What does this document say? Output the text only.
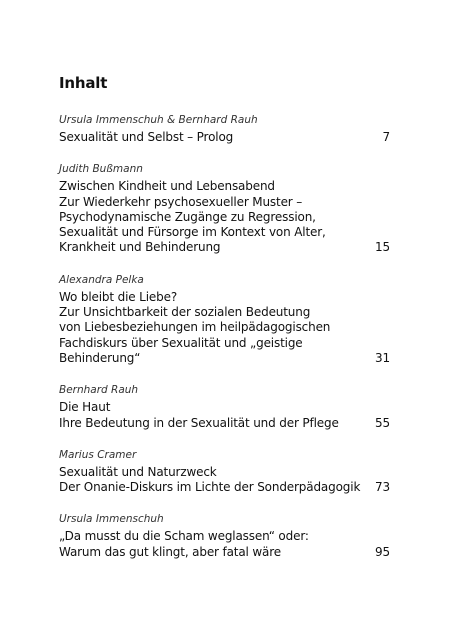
Inhalt
Ursula Immenschuh & Bernhard Rauh
Sexualität und Selbst – Prolog	7
Judith Bußmann
Zwischen Kindheit und Lebensabend
Zur Wiederkehr psychosexueller Muster –
Psychodynamische Zugänge zu Regression,
Sexualität und Fürsorge im Kontext von Alter,
Krankheit und Behinderung	15
Alexandra Pelka
Wo bleibt die Liebe?
Zur Unsichtbarkeit der sozialen Bedeutung
von Liebesbeziehungen im heilpädagogischen
Fachdiskurs über Sexualität und „geistige
Behinderung“	31
Bernhard Rauh
Die Haut
Ihre Bedeutung in der Sexualität und der Pflege	55
Marius Cramer
Sexualität und Naturzweck
Der Onanie-Diskurs im Lichte der Sonderpädagogik	73
Ursula Immenschuh
„Da musst du die Scham weglassen“ oder:
Warum das gut klingt, aber fatal wäre	95
